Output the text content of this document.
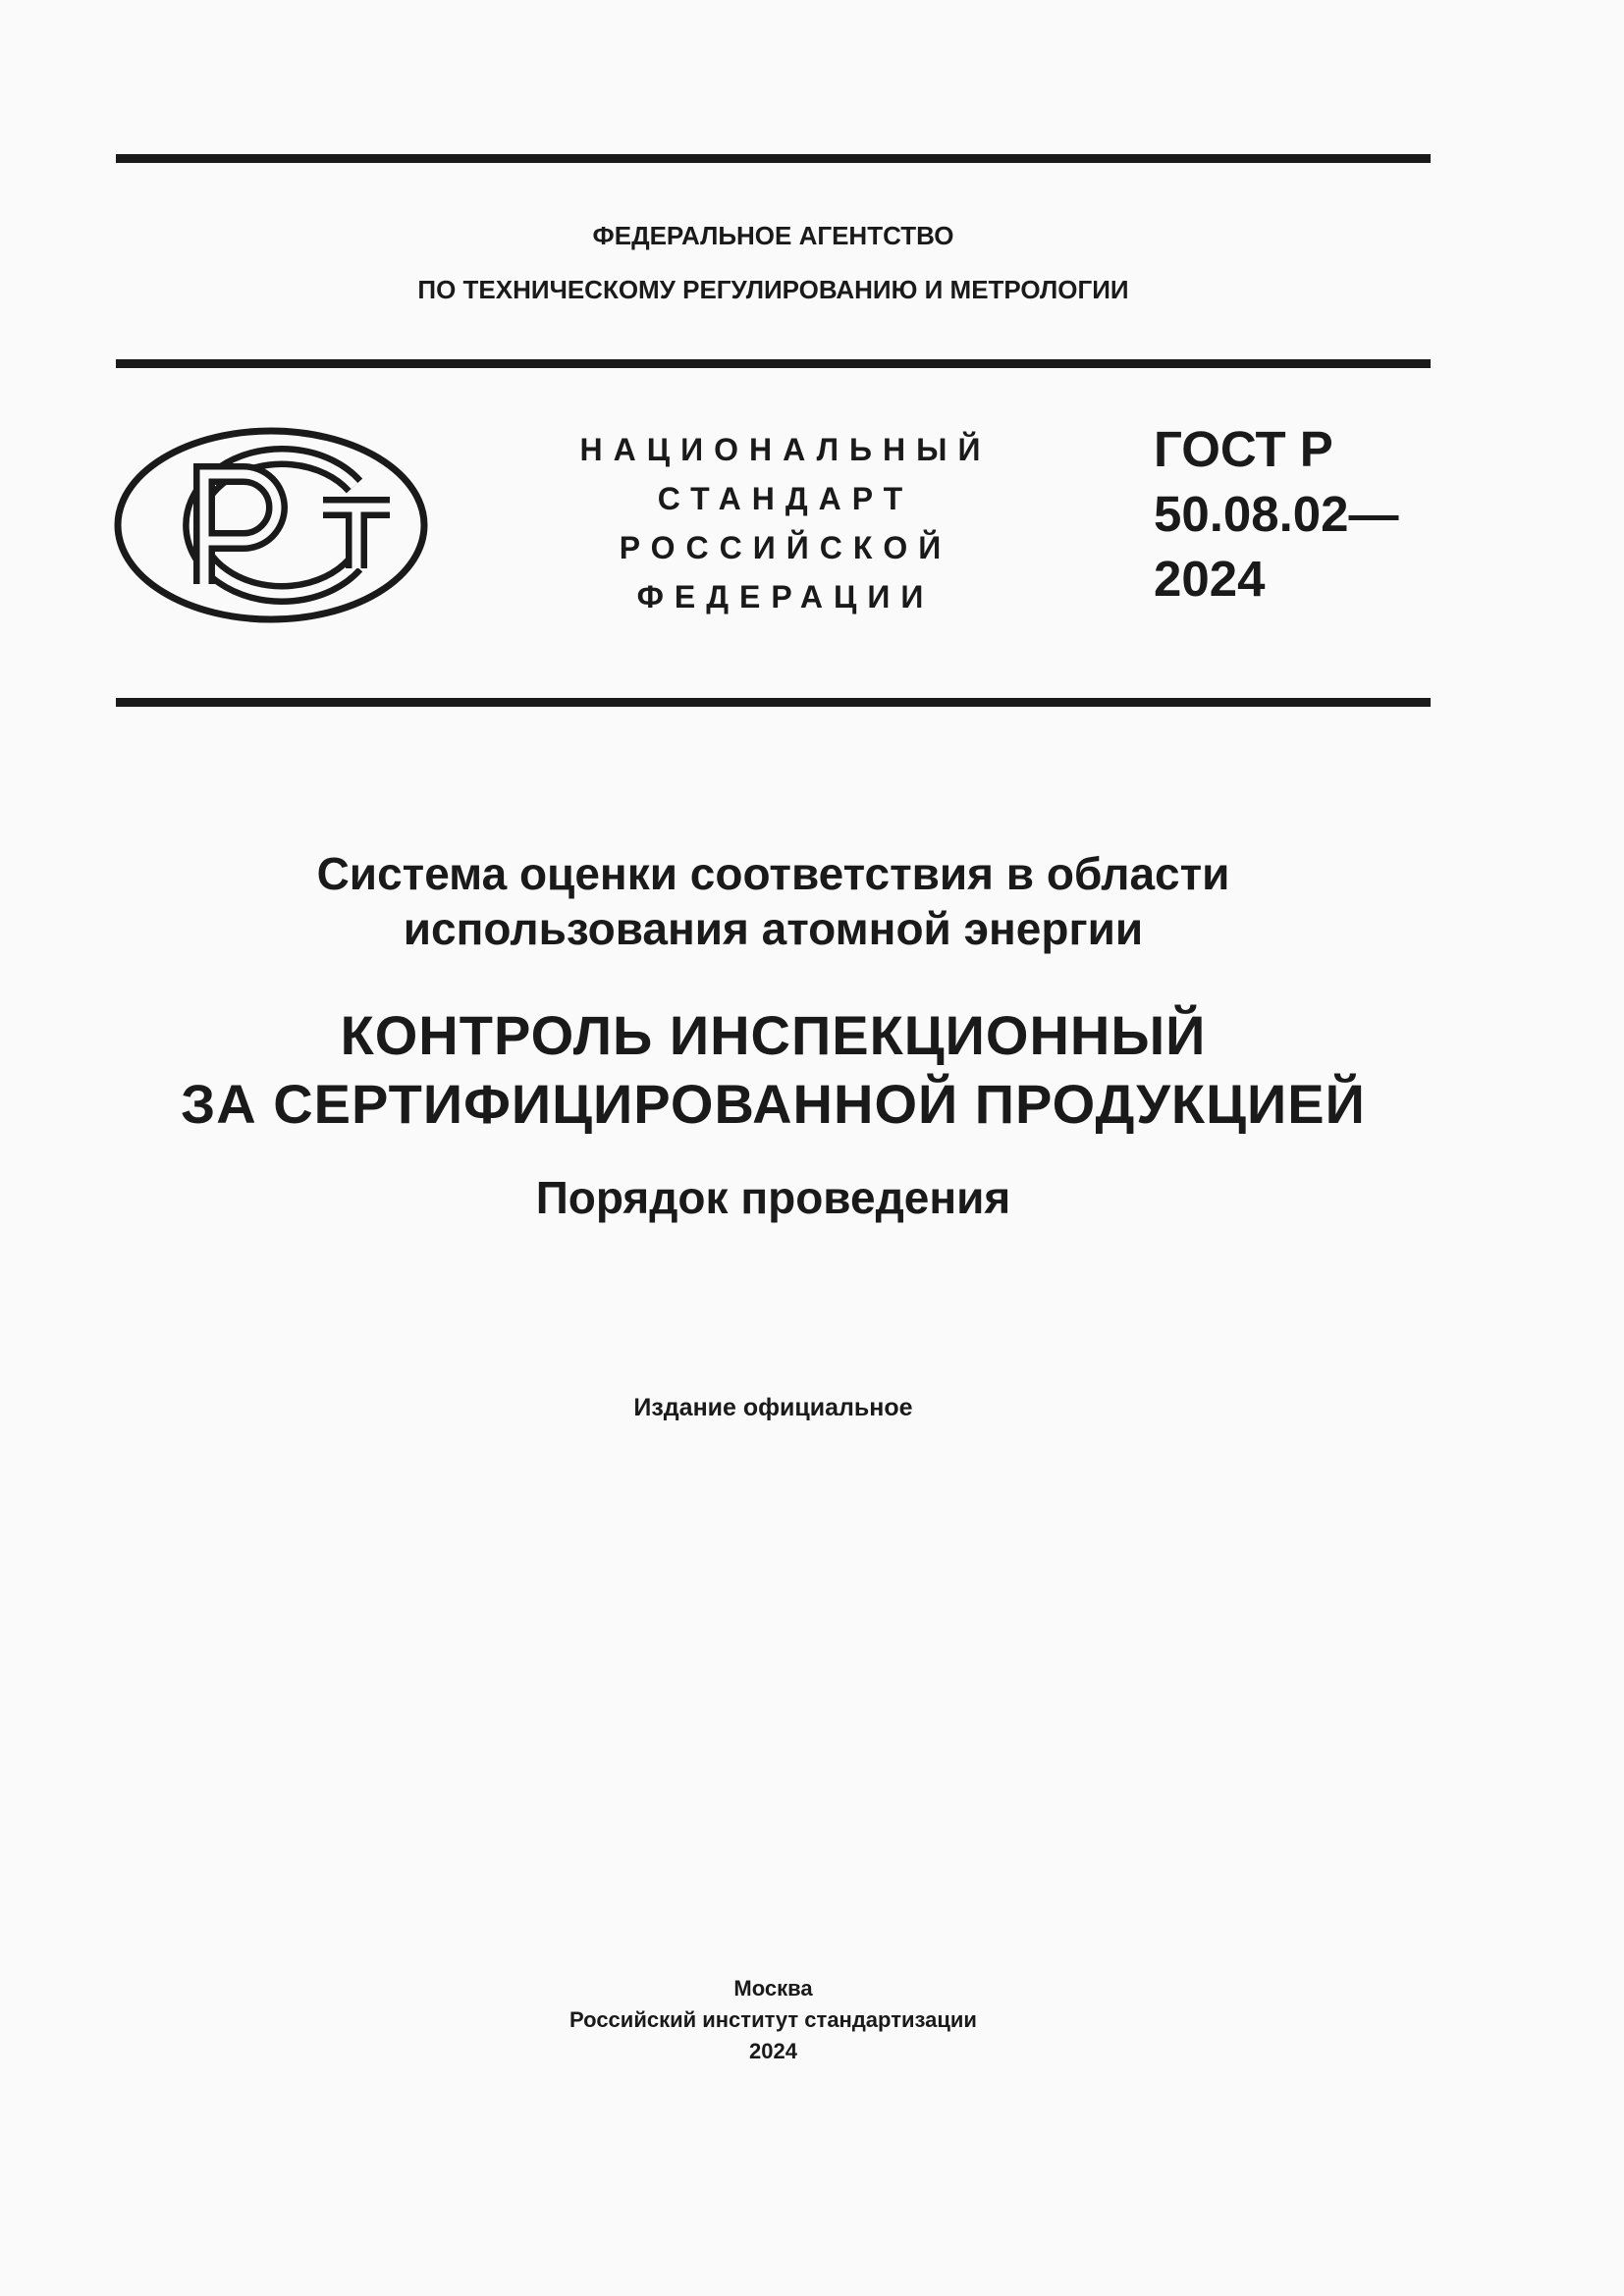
ФЕДЕРАЛЬНОЕ АГЕНТСТВО
ПО ТЕХНИЧЕСКОМУ РЕГУЛИРОВАНИЮ И МЕТРОЛОГИИ
НАЦИОНАЛЬНЫЙ
СТАНДАРТ
РОССИЙСКОЙ
ФЕДЕРАЦИИ
ГОСТ Р
50.08.02—
2024
Система оценки соответствия в области
использования атомной энергии
КОНТРОЛЬ ИНСПЕКЦИОННЫЙ
ЗА СЕРТИФИЦИРОВАННОЙ ПРОДУКЦИЕЙ
Порядок проведения
Издание официальное
Москва
Российский институт стандартизации
2024
